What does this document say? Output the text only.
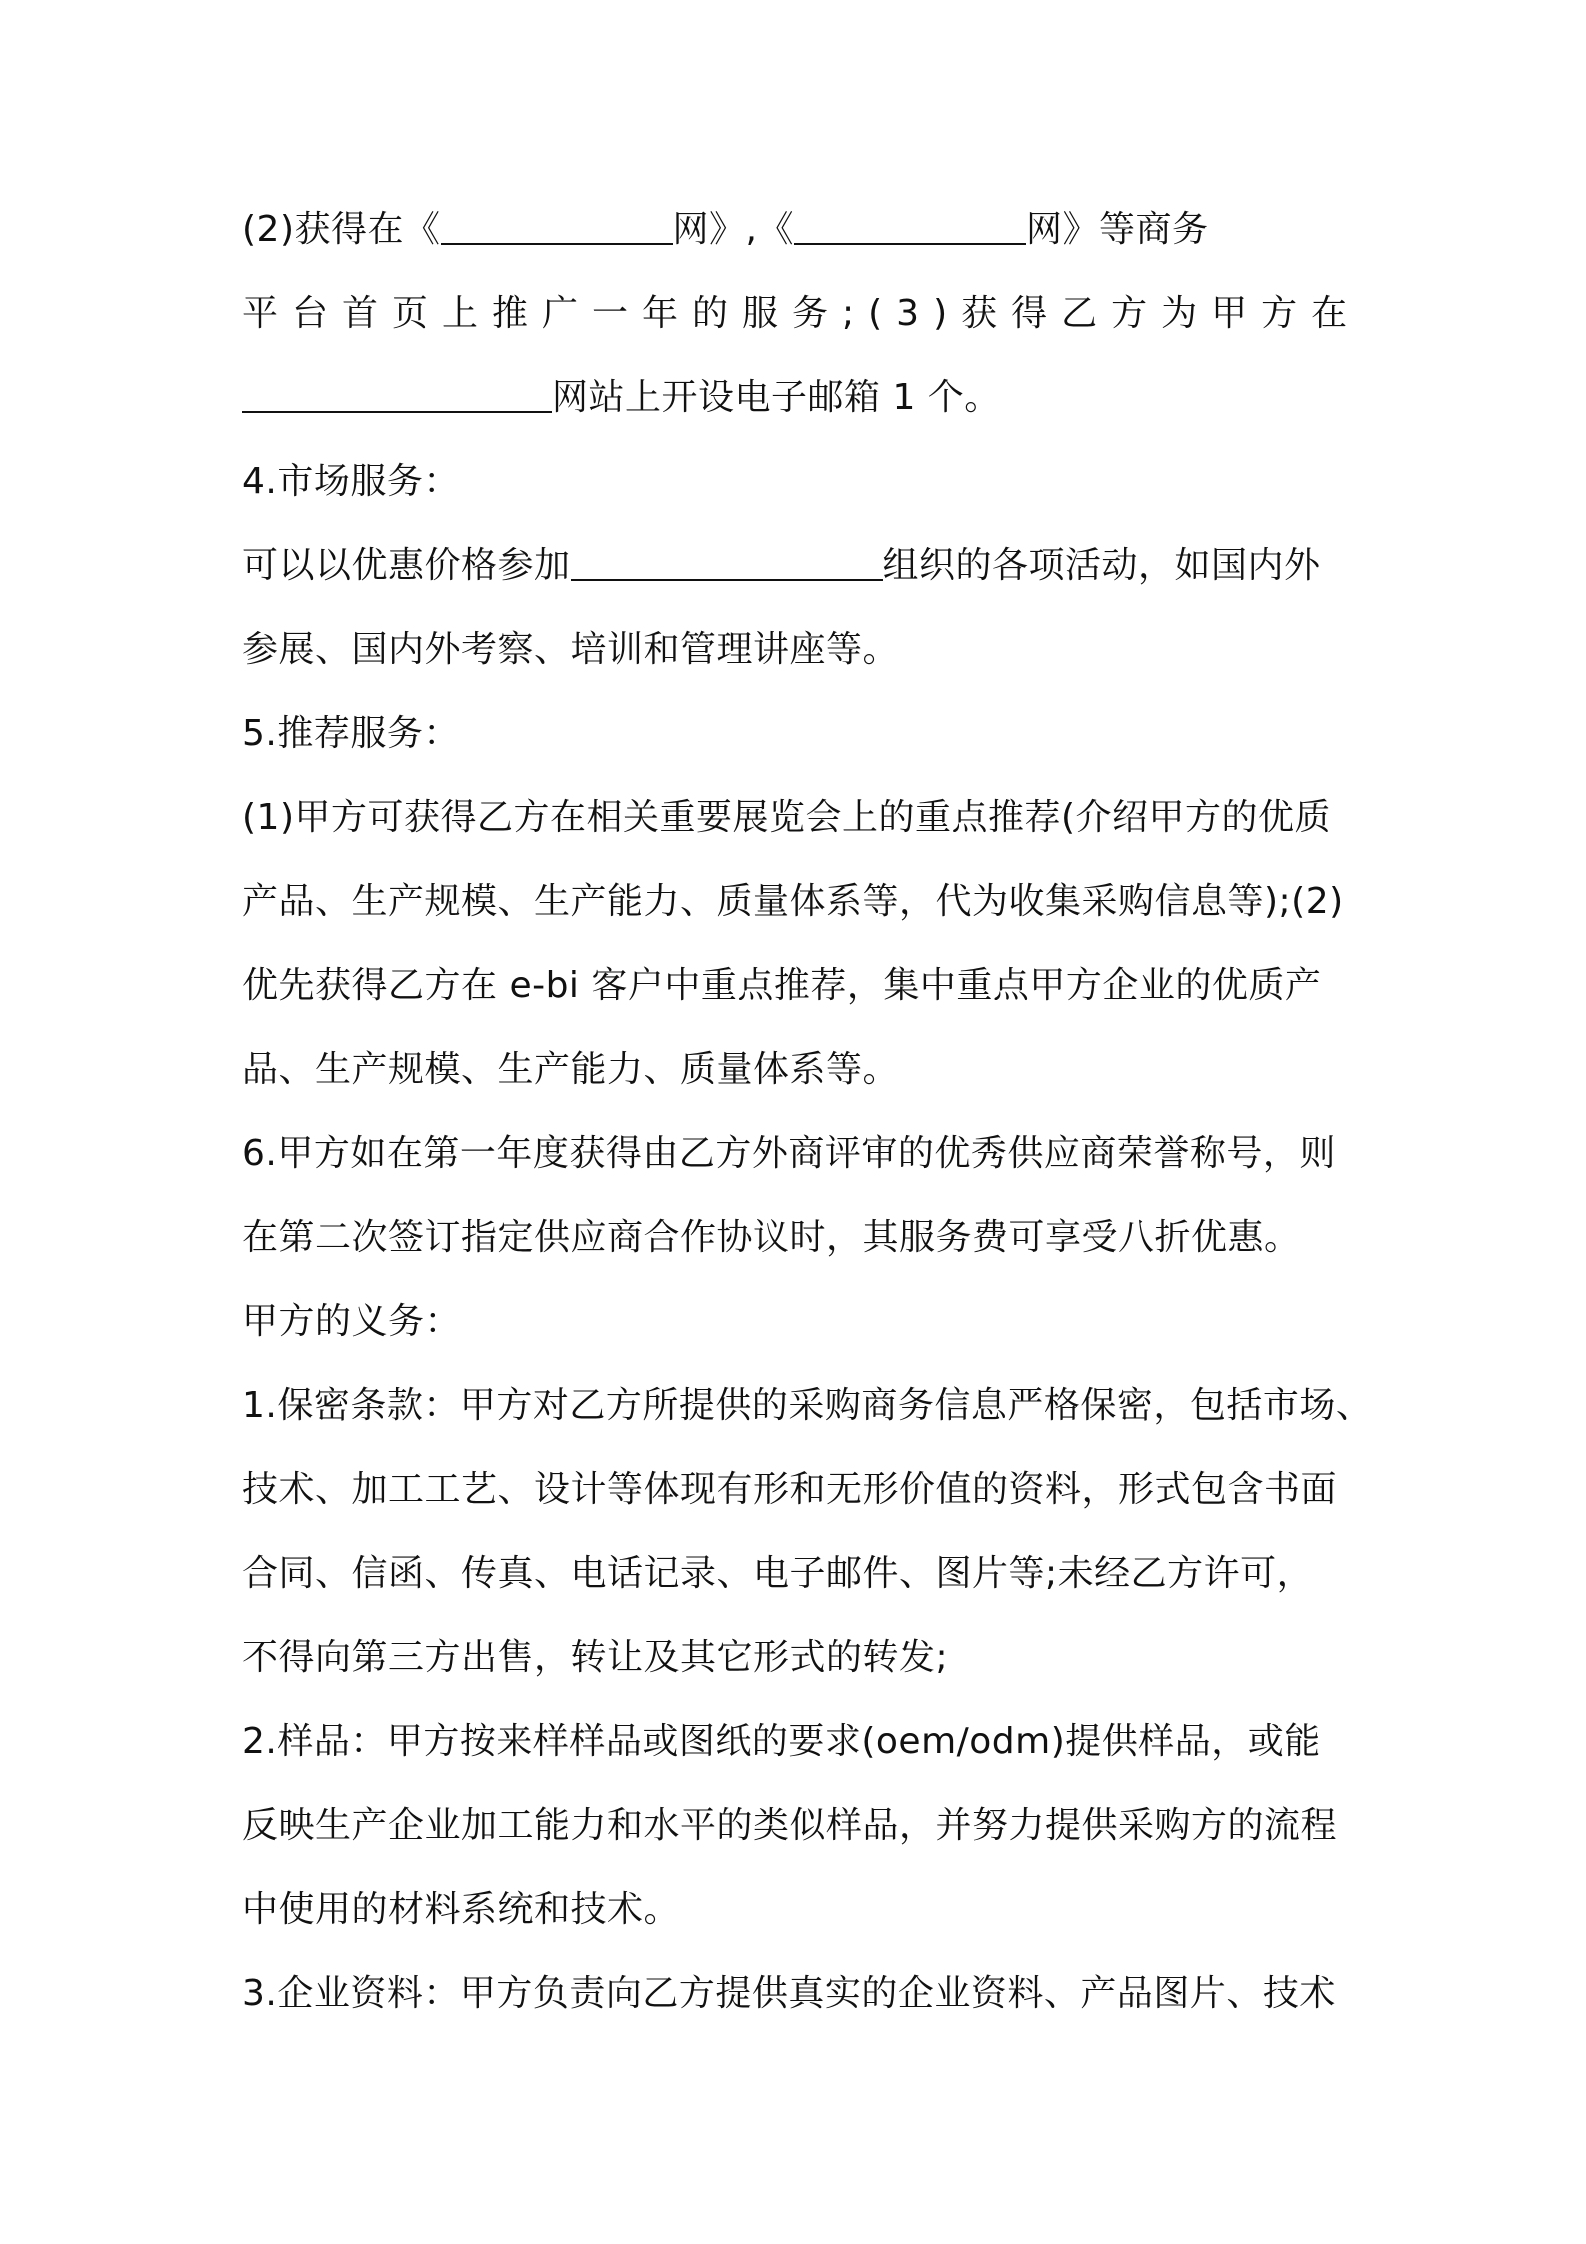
(2)获得在《	网》,《	网》等商务
平台首页上推广一年的服务;(3)获得乙方为甲方在
网站上开设电子邮箱 1 个。
4.市场服务：
可以以优惠价格参加	组织的各项活动，如国内外
参展、国内外考察、培训和管理讲座等。
5.推荐服务：
(1)甲方可获得乙方在相关重要展览会上的重点推荐(介绍甲方的优质
产品、生产规模、生产能力、质量体系等，代为收集采购信息等);(2)
优先获得乙方在 e-bi 客户中重点推荐，集中重点甲方企业的优质产
品、生产规模、生产能力、质量体系等。
6.甲方如在第一年度获得由乙方外商评审的优秀供应商荣誉称号，则
在第二次签订指定供应商合作协议时，其服务费可享受八折优惠。
甲方的义务：
1.保密条款：甲方对乙方所提供的采购商务信息严格保密，包括市场、
技术、加工工艺、设计等体现有形和无形价值的资料，形式包含书面
合同、信函、传真、电话记录、电子邮件、图片等;未经乙方许可，
不得向第三方出售，转让及其它形式的转发;
2.样品：甲方按来样样品或图纸的要求(oem/odm)提供样品，或能
反映生产企业加工能力和水平的类似样品，并努力提供采购方的流程
中使用的材料系统和技术。
3.企业资料：甲方负责向乙方提供真实的企业资料、产品图片、技术
